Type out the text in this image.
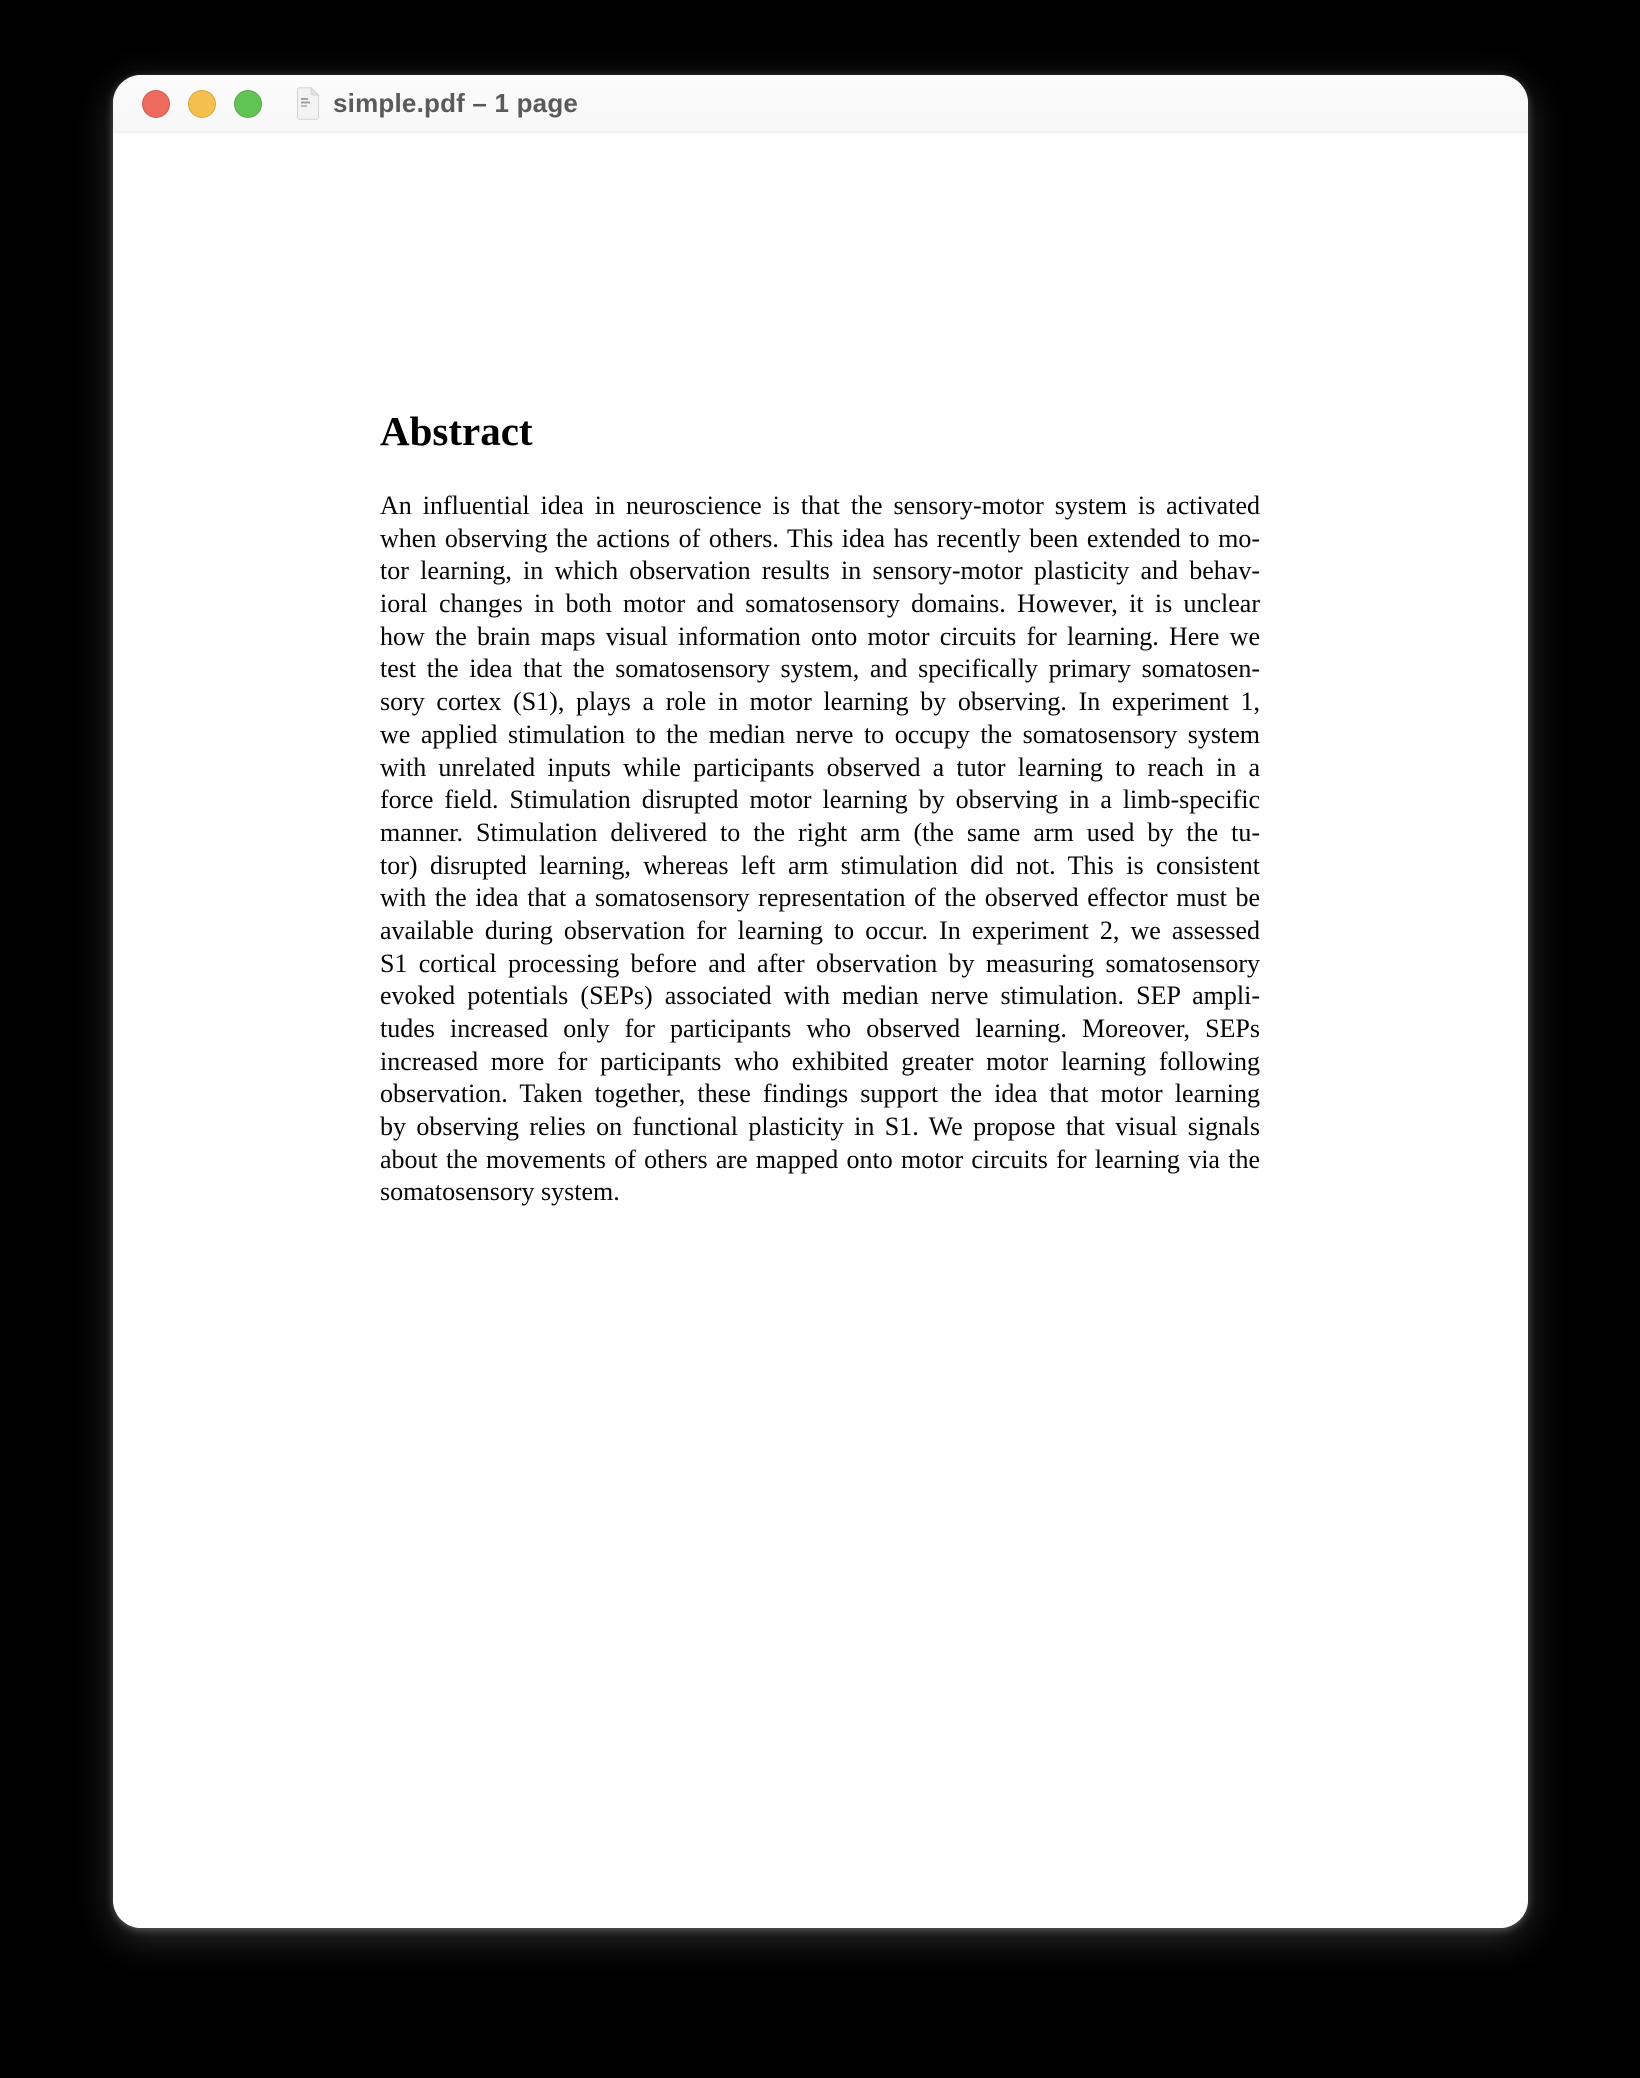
simple.pdf – 1 page
Abstract
An influential idea in neuroscience is that the sensory-motor system is activated
when observing the actions of others. This idea has recently been extended to mo-
tor learning, in which observation results in sensory-motor plasticity and behav-
ioral changes in both motor and somatosensory domains. However, it is unclear
how the brain maps visual information onto motor circuits for learning. Here we
test the idea that the somatosensory system, and specifically primary somatosen-
sory cortex (S1), plays a role in motor learning by observing. In experiment 1,
we applied stimulation to the median nerve to occupy the somatosensory system
with unrelated inputs while participants observed a tutor learning to reach in a
force field. Stimulation disrupted motor learning by observing in a limb-specific
manner. Stimulation delivered to the right arm (the same arm used by the tu-
tor) disrupted learning, whereas left arm stimulation did not. This is consistent
with the idea that a somatosensory representation of the observed effector must be
available during observation for learning to occur. In experiment 2, we assessed
S1 cortical processing before and after observation by measuring somatosensory
evoked potentials (SEPs) associated with median nerve stimulation. SEP ampli-
tudes increased only for participants who observed learning. Moreover, SEPs
increased more for participants who exhibited greater motor learning following
observation. Taken together, these findings support the idea that motor learning
by observing relies on functional plasticity in S1. We propose that visual signals
about the movements of others are mapped onto motor circuits for learning via the
somatosensory system.
